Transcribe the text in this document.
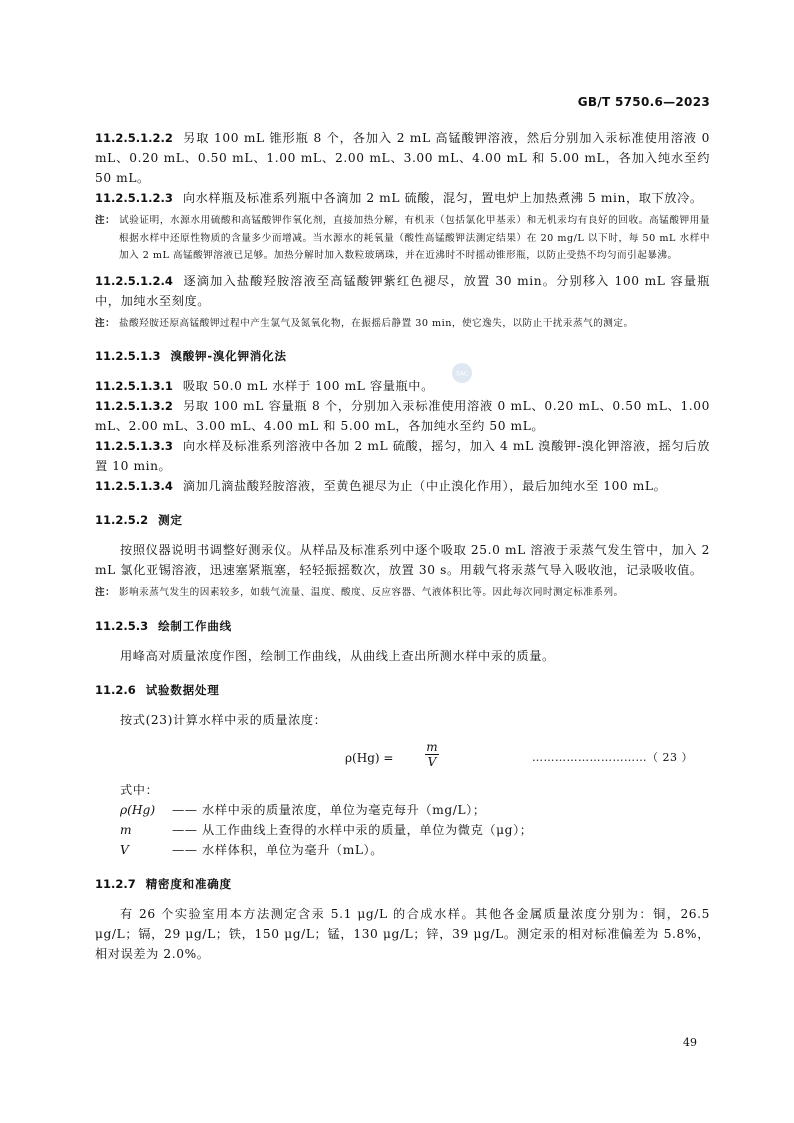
GB/T 5750.6—2023
SAC

11.2.5.1.2.2 另取 100 mL 锥形瓶 8 个，各加入 2 mL 高锰酸钾溶液，然后分别加入汞标准使用溶液 0 mL、0.20 mL、0.50 mL、1.00 mL、2.00 mL、3.00 mL、4.00 mL 和 5.00 mL，各加入纯水至约 50 mL。

11.2.5.1.2.3 向水样瓶及标准系列瓶中各滴加 2 mL 硫酸，混匀，置电炉上加热煮沸 5 min，取下放冷。

注： 试验证明，水源水用硫酸和高锰酸钾作氧化剂，直接加热分解，有机汞（包括氯化甲基汞）和无机汞均有良好的回收。高锰酸钾用量根据水样中还原性物质的含量多少而增减。当水源水的耗氧量（酸性高锰酸钾法测定结果）在 20 mg/L 以下时，每 50 mL 水样中加入 2 mL 高锰酸钾溶液已足够。加热分解时加入数粒玻璃珠，并在近沸时不时摇动锥形瓶，以防止受热不均匀而引起暴沸。

11.2.5.1.2.4 逐滴加入盐酸羟胺溶液至高锰酸钾紫红色褪尽，放置 30 min。分别移入 100 mL 容量瓶中，加纯水至刻度。

注： 盐酸羟胺还原高锰酸钾过程中产生氯气及氮氧化物，在振摇后静置 30 min，使它逸失，以防止干扰汞蒸气的测定。
11.2.5.1.3 溴酸钾-溴化钾消化法

11.2.5.1.3.1 吸取 50.0 mL 水样于 100 mL 容量瓶中。

11.2.5.1.3.2 另取 100 mL 容量瓶 8 个，分别加入汞标准使用溶液 0 mL、0.20 mL、0.50 mL、1.00 mL、2.00 mL、3.00 mL、4.00 mL 和 5.00 mL，各加纯水至约 50 mL。

11.2.5.1.3.3 向水样及标准系列溶液中各加 2 mL 硫酸，摇匀，加入 4 mL 溴酸钾-溴化钾溶液，摇匀后放置 10 min。

11.2.5.1.3.4 滴加几滴盐酸羟胺溶液，至黄色褪尽为止（中止溴化作用），最后加纯水至 100 mL。

11.2.5.2 测定

按照仪器说明书调整好测汞仪。从样品及标准系列中逐个吸取 25.0 mL 溶液于汞蒸气发生管中，加入 2 mL 氯化亚锡溶液，迅速塞紧瓶塞，轻轻振摇数次，放置 30 s。用载气将汞蒸气导入吸收池，记录吸收值。

注： 影响汞蒸气发生的因素较多，如载气流量、温度、酸度、反应容器、气液体积比等。因此每次同时测定标准系列。
11.2.5.3 绘制工作曲线

用峰高对质量浓度作图，绘制工作曲线，从曲线上查出所测水样中汞的质量。

11.2.6 试验数据处理

按式(23)计算水样中汞的质量浓度：

ρ(Hg) =	$\frac{m}{V}$	…………………………（ 23 ）

式中：

ρ(Hg)	—— 水样中汞的质量浓度，单位为毫克每升（mg/L）；
m	—— 从工作曲线上查得的水样中汞的质量，单位为微克（μg）；
V	—— 水样体积，单位为毫升（mL）。
11.2.7 精密度和准确度

有 26 个实验室用本方法测定含汞 5.1 μg/L 的合成水样。其他各金属质量浓度分别为：铜，26.5 μg/L；镉，29 μg/L；铁，150 μg/L；锰，130 μg/L；锌，39 μg/L。测定汞的相对标准偏差为 5.8%，相对误差为 2.0%。

49
